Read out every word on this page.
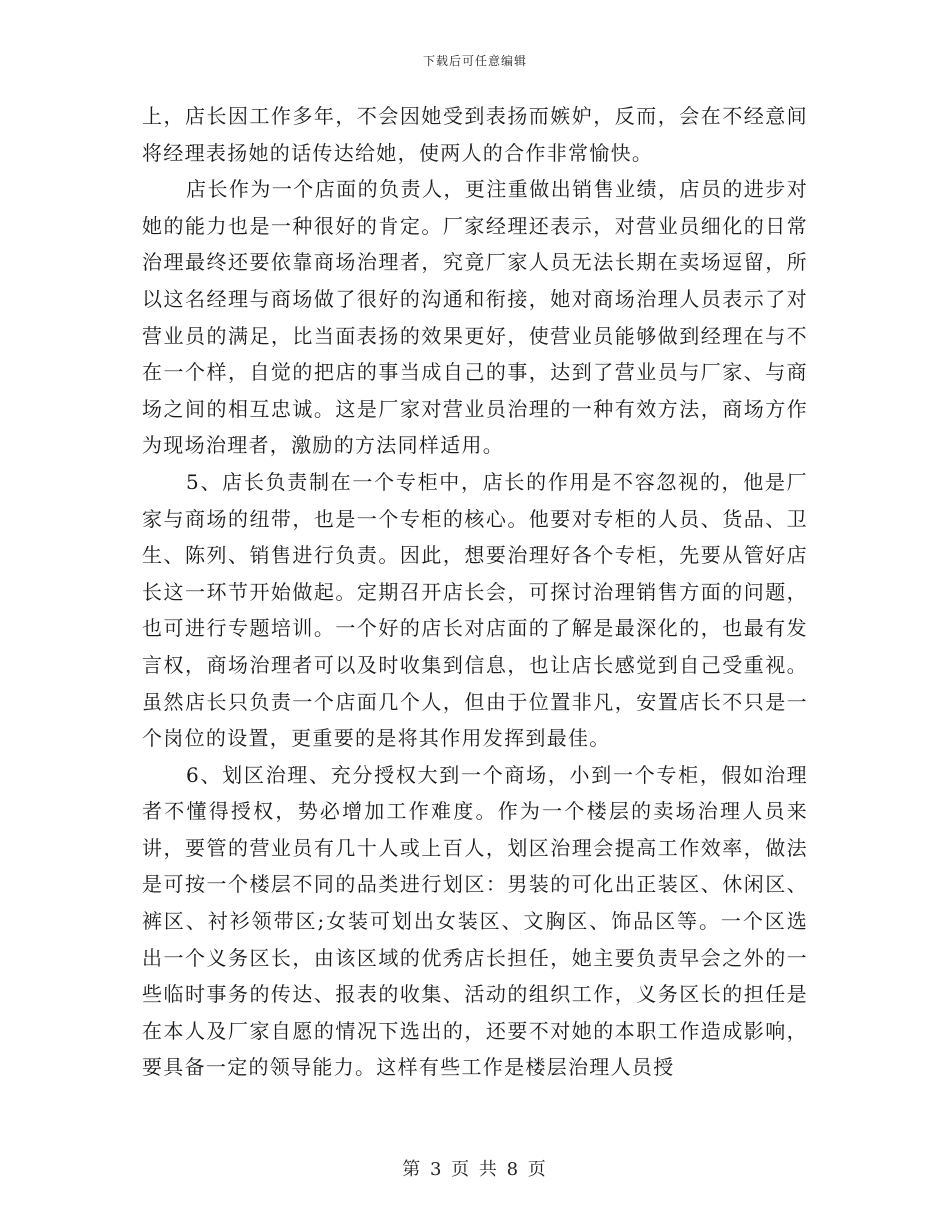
下载后可任意编辑

上，店长因工作多年，不会因她受到表扬而嫉妒，反而，会在不经意间将经理表扬她的话传达给她，使两人的合作非常愉快。

店长作为一个店面的负责人，更注重做出销售业绩，店员的进步对她的能力也是一种很好的肯定。厂家经理还表示，对营业员细化的日常治理最终还要依靠商场治理者，究竟厂家人员无法长期在卖场逗留，所以这名经理与商场做了很好的沟通和衔接，她对商场治理人员表示了对营业员的满足，比当面表扬的效果更好，使营业员能够做到经理在与不在一个样，自觉的把店的事当成自己的事，达到了营业员与厂家、与商场之间的相互忠诚。这是厂家对营业员治理的一种有效方法，商场方作为现场治理者，激励的方法同样适用。

5、店长负责制在一个专柜中，店长的作用是不容忽视的，他是厂家与商场的纽带，也是一个专柜的核心。他要对专柜的人员、货品、卫生、陈列、销售进行负责。因此，想要治理好各个专柜，先要从管好店长这一环节开始做起。定期召开店长会，可探讨治理销售方面的问题，也可进行专题培训。一个好的店长对店面的了解是最深化的，也最有发言权，商场治理者可以及时收集到信息，也让店长感觉到自己受重视。虽然店长只负责一个店面几个人，但由于位置非凡，安置店长不只是一个岗位的设置，更重要的是将其作用发挥到最佳。

6、划区治理、充分授权大到一个商场，小到一个专柜，假如治理者不懂得授权，势必增加工作难度。作为一个楼层的卖场治理人员来讲，要管的营业员有几十人或上百人，划区治理会提高工作效率，做法是可按一个楼层不同的品类进行划区：男装的可化出正装区、休闲区、裤区、衬衫领带区;女装可划出女装区、文胸区、饰品区等。一个区选出一个义务区长，由该区域的优秀店长担任，她主要负责早会之外的一些临时事务的传达、报表的收集、活动的组织工作，义务区长的担任是在本人及厂家自愿的情况下选出的，还要不对她的本职工作造成影响，要具备一定的领导能力。这样有些工作是楼层治理人员授

第 3 页 共 8 页
